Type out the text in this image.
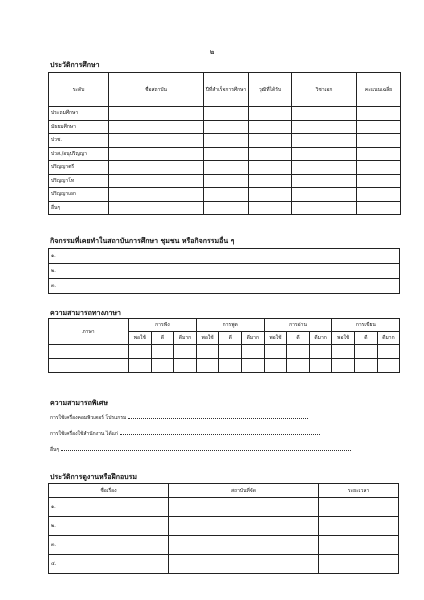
๒
ประวัติการศึกษา
ระดับ	ชื่อสถาบัน	ปีที่สำเร็จการศึกษา	วุฒิที่ได้รับ	วิชาเอก	คะแนนเฉลี่ย
ประถมศึกษา					
มัธยมศึกษา					
ปวช.					
ปวส./อนุปริญญา					
ปริญญาตรี					
ปริญญาโท					
ปริญญาเอก					
อื่นๆ					
กิจกรรมที่เคยทำในสถาบันการศึกษา ชุมชน หรือกิจกรรมอื่น ๆ
๑.
๒.
๓.
ความสามารถทางภาษา
ภาษา	การฟัง			การพูด			การอ่าน			การเขียน		
	พอใช้	ดี	ดีมาก	พอใช้	ดี	ดีมาก	พอใช้	ดี	ดีมาก	พอใช้	ดี	ดีมาก

ความสามารถพิเศษ
การใช้เครื่องคอมพิวเตอร์ โปรแกรม
การใช้เครื่องใช้สำนักงาน ได้แก่
อื่นๆ
ประวัติการดูงานหรือฝึกอบรม
ชื่อเรื่อง	สถาบันที่จัด	ระยะเวลา
๑.		
๒.		
๓.		
๔.		
